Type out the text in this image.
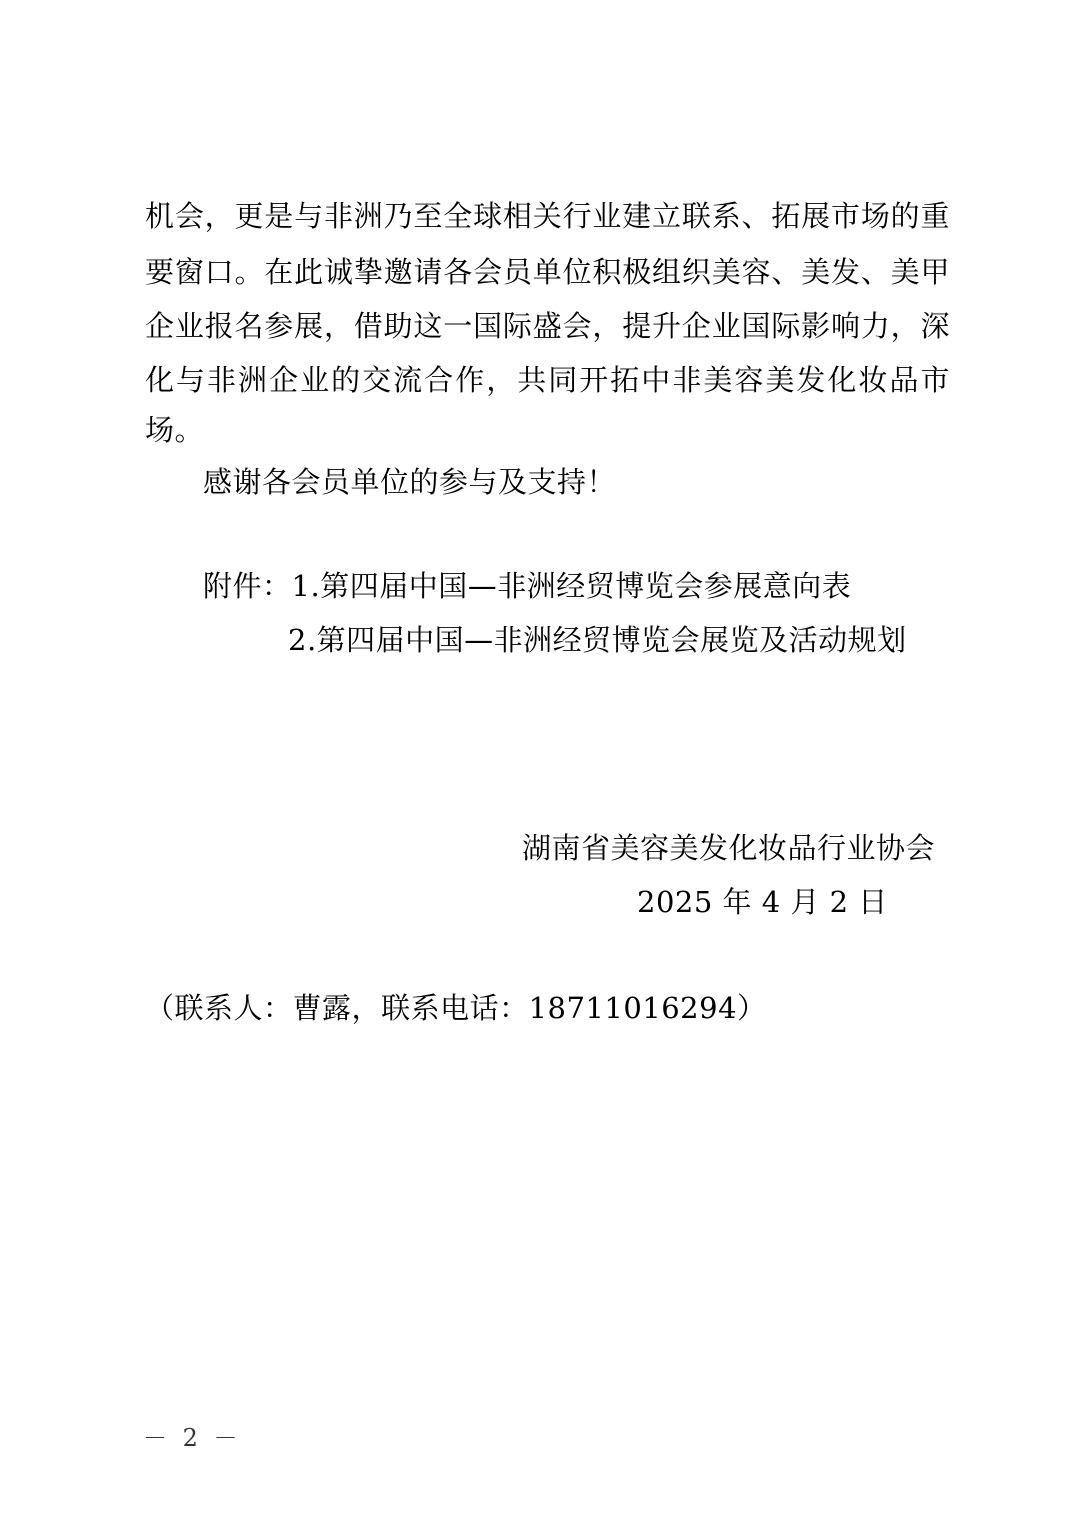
机会，更是与非洲乃至全球相关行业建立联系、拓展市场的重
要窗口。在此诚挚邀请各会员单位积极组织美容、美发、美甲
企业报名参展，借助这一国际盛会，提升企业国际影响力，深
化与非洲企业的交流合作，共同开拓中非美容美发化妆品市
场。
感谢各会员单位的参与及支持！
附件：1.第四届中国—非洲经贸博览会参展意向表
2.第四届中国—非洲经贸博览会展览及活动规划
湖南省美容美发化妆品行业协会
2025 年 4 月 2 日
（联系人：曹露，联系电话：18711016294）
－ 2 －
